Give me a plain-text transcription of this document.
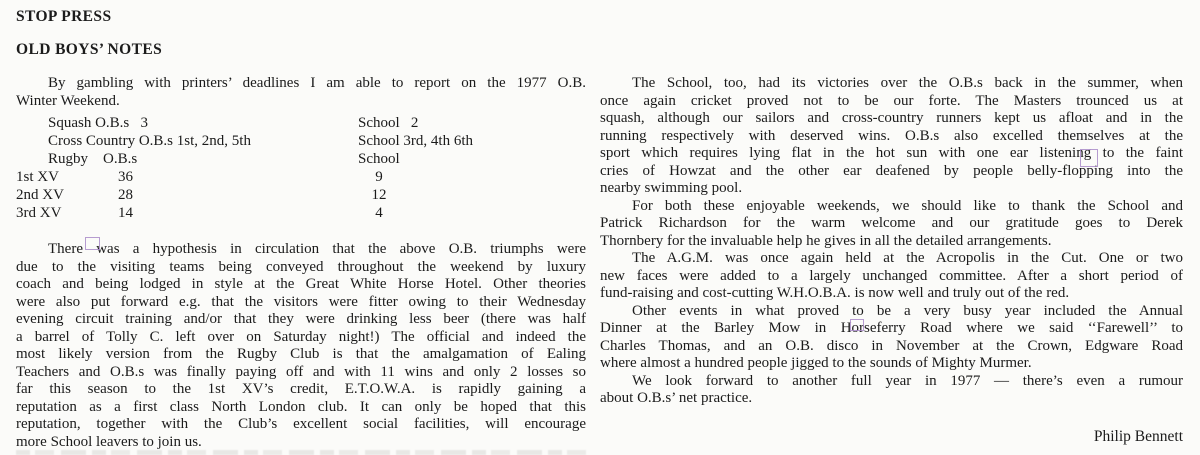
STOP PRESS
OLD BOYS’ NOTES
By gambling with printers’ deadlines I am able to report on the 1977 O.B.
Winter Weekend.
Squash O.B.s   3	School   2
Cross Country O.B.s 1st, 2nd, 5th	School 3rd, 4th 6th
Rugby    O.B.s	School
1st XV	36	9
2nd XV	28	12
3rd XV	14	4
There was a hypothesis in circulation that the above O.B. triumphs were
due to the visiting teams being conveyed throughout the weekend by luxury
coach and being lodged in style at the Great White Horse Hotel. Other theories
were also put forward e.g. that the visitors were fitter owing to their Wednesday
evening circuit training and/or that they were drinking less beer (there was half
a barrel of Tolly C. left over on Saturday night!) The official and indeed the
most likely version from the Rugby Club is that the amalgamation of Ealing
Teachers and O.B.s was finally paying off and with 11 wins and only 2 losses so
far this season to the 1st XV’s credit, E.T.O.W.A. is rapidly gaining a
reputation as a first class North London club. It can only be hoped that this
reputation, together with the Club’s excellent social facilities, will encourage
more School leavers to join us.
The School, too, had its victories over the O.B.s back in the summer, when
once again cricket proved not to be our forte. The Masters trounced us at
squash, although our sailors and cross-country runners kept us afloat and in the
running respectively with deserved wins. O.B.s also excelled themselves at the
sport which requires lying flat in the hot sun with one ear listening to the faint
cries of Howzat and the other ear deafened by people belly-flopping into the
nearby swimming pool.
For both these enjoyable weekends, we should like to thank the School and
Patrick Richardson for the warm welcome and our gratitude goes to Derek
Thornbery for the invaluable help he gives in all the detailed arrangements.
The A.G.M. was once again held at the Acropolis in the Cut. One or two
new faces were added to a largely unchanged committee. After a short period of
fund-raising and cost-cutting W.H.O.B.A. is now well and truly out of the red.
Other events in what proved to be a very busy year included the Annual
Dinner at the Barley Mow in Horseferry Road where we said ‘‘Farewell’’ to
Charles Thomas, and an O.B. disco in November at the Crown, Edgware Road
where almost a hundred people jigged to the sounds of Mighty Murmer.
We look forward to another full year in 1977 — there’s even a rumour
about O.B.s’ net practice.
Philip Bennett
